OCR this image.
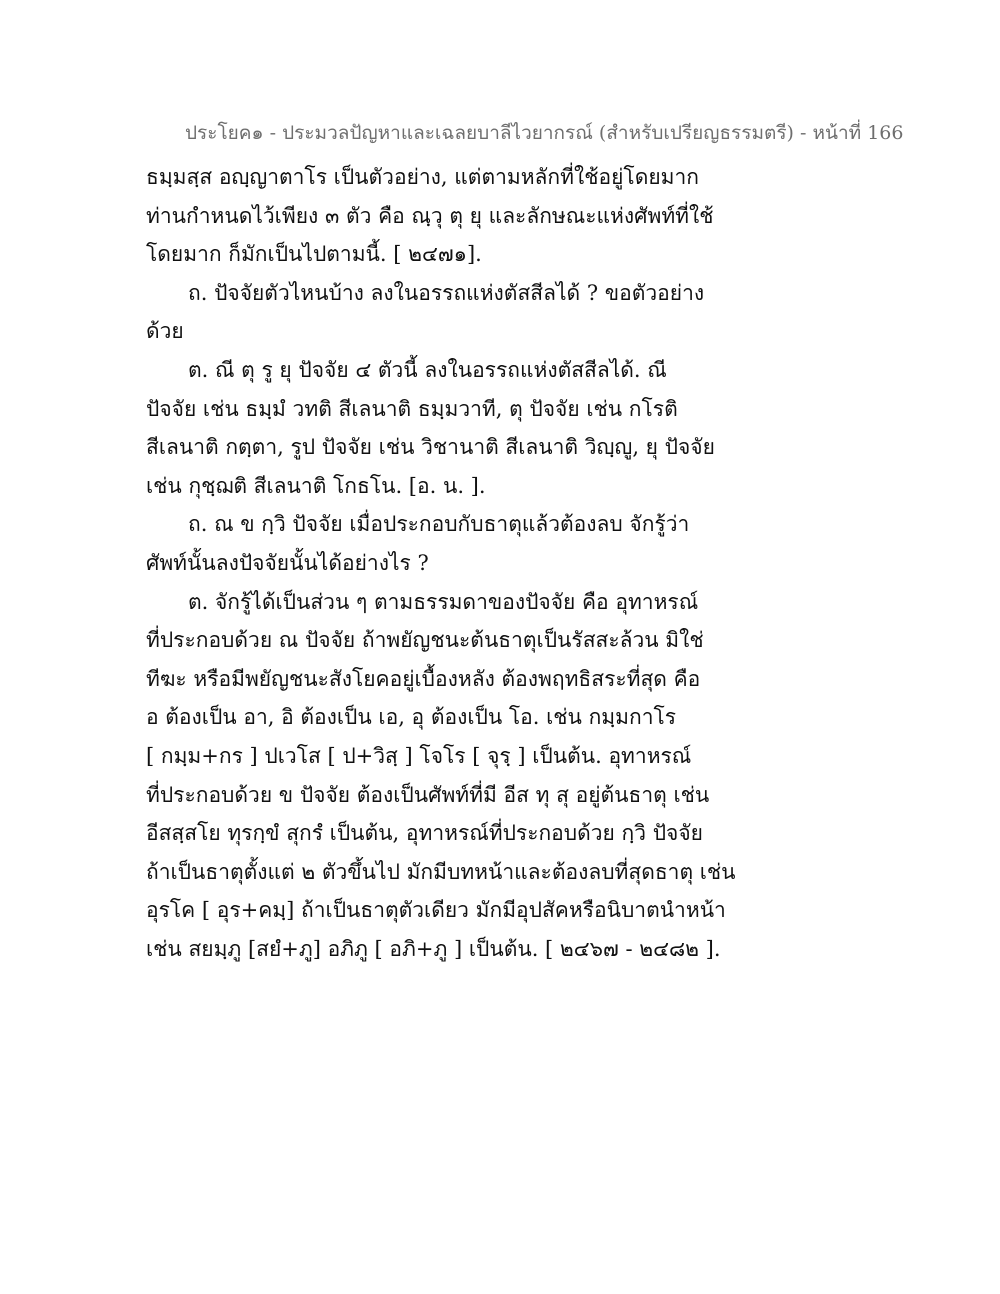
ประโยค๑ - ประมวลปัญหาและเฉลยบาลีไวยากรณ์ (สำหรับเปรียญธรรมตรี) - หน้าที่ 166
ธมฺมสฺส อญฺญาตาโร เป็นตัวอย่าง, แต่ตามหลักที่ใช้อยู่โดยมาก
ท่านกำหนดไว้เพียง ๓ ตัว คือ ณฺวุ ตุ ยุ และลักษณะแห่งศัพท์ที่ใช้
โดยมาก ก็มักเป็นไปตามนี้. [ ๒๔๗๑].
ถ. ปัจจัยตัวไหนบ้าง ลงในอรรถแห่งตัสสีลได้ ? ขอตัวอย่าง
ด้วย
ต. ณี ตุ รู ยุ ปัจจัย ๔ ตัวนี้ ลงในอรรถแห่งตัสสีลได้. ณี
ปัจจัย เช่น ธมฺมํ วทติ สีเลนาติ ธมฺมวาที, ตุ ปัจจัย เช่น กโรติ
สีเลนาติ กตฺตา, รูป ปัจจัย เช่น วิชานาติ สีเลนาติ วิญฺญู, ยุ ปัจจัย
เช่น กุชฺฌติ สีเลนาติ โกธโน. [อ. น. ].
ถ. ณ ข กฺวิ ปัจจัย เมื่อประกอบกับธาตุแล้วต้องลบ จักรู้ว่า
ศัพท์นั้นลงปัจจัยนั้นได้อย่างไร ?
ต. จักรู้ได้เป็นส่วน ๆ ตามธรรมดาของปัจจัย คือ อุทาหรณ์
ที่ประกอบด้วย ณ ปัจจัย ถ้าพยัญชนะต้นธาตุเป็นรัสสะล้วน มิใช่
ทีฆะ หรือมีพยัญชนะสังโยคอยู่เบื้องหลัง ต้องพฤทธิสระที่สุด คือ
อ ต้องเป็น อา, อิ ต้องเป็น เอ, อุ ต้องเป็น โอ. เช่น กมฺมกาโร
[ กมฺม+กร ] ปเวโส [ ป+วิสฺ ] โจโร [ จุรฺ ] เป็นต้น. อุทาหรณ์
ที่ประกอบด้วย ข ปัจจัย ต้องเป็นศัพท์ที่มี อีส ทุ สุ อยู่ต้นธาตุ เช่น
อีสสฺสโย ทุรกฺขํ สุกรํ เป็นต้น, อุทาหรณ์ที่ประกอบด้วย กฺวิ ปัจจัย
ถ้าเป็นธาตุตั้งแต่ ๒ ตัวขึ้นไป มักมีบทหน้าและต้องลบที่สุดธาตุ เช่น
อุรโค [ อุร+คมฺ] ถ้าเป็นธาตุตัวเดียว มักมีอุปสัคหรือนิบาตนำหน้า
เช่น สยมฺภู [สยํ+ภู] อภิภู [ อภิ+ภู ] เป็นต้น. [ ๒๔๖๗ - ๒๔๘๒ ].
